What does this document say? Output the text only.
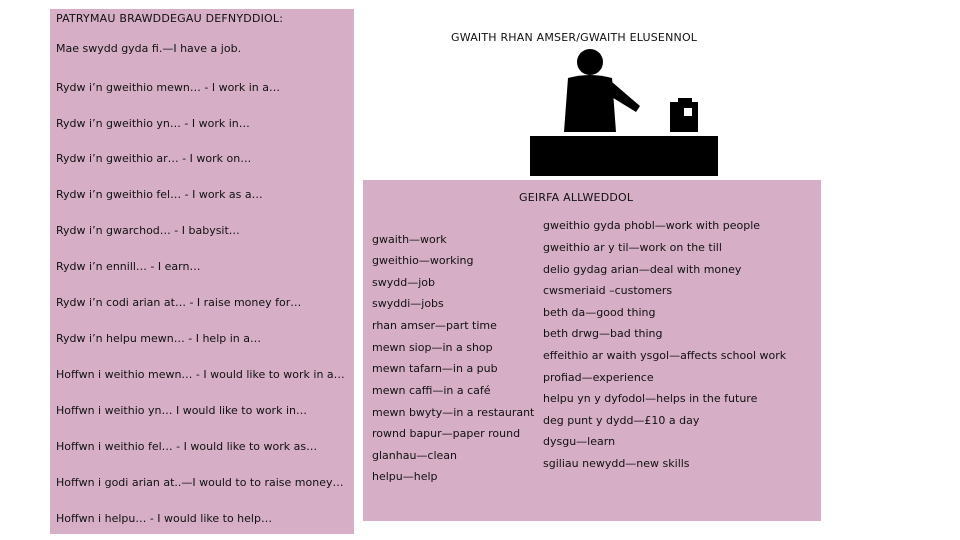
PATRYMAU BRAWDDEGAU DEFNYDDIOL:
Mae swydd gyda fi.—I have a job.
Rydw i’n gweithio mewn… - I work in a…
Rydw i’n gweithio yn… - I work in…
Rydw i’n gweithio ar… - I work on…
Rydw i’n gweithio fel… - I work as a…
Rydw i’n gwarchod… - I babysit…
Rydw i’n ennill… - I earn…
Rydw i’n codi arian at… - I raise money for…
Rydw i’n helpu mewn… - I help in a…
Hoffwn i weithio mewn… - I would like to work in a…
Hoffwn i weithio yn… I would like to work in…
Hoffwn i weithio fel… - I would like to work as…
Hoffwn i godi arian at..—I would to to raise money…
Hoffwn i helpu… - I would like to help…
GWAITH RHAN AMSER/GWAITH ELUSENNOL
GEIRFA ALLWEDDOL
gwaith—work
gweithio—working
swydd—job
swyddi—jobs
rhan amser—part time
mewn siop—in a shop
mewn tafarn—in a pub
mewn caffi—in a café
mewn bwyty—in a restaurant
rownd bapur—paper round
glanhau—clean
helpu—help
gweithio gyda phobl—work with people
gweithio ar y til—work on the till
delio gydag arian—deal with money
cwsmeriaid –customers
beth da—good thing
beth drwg—bad thing
effeithio ar waith ysgol—affects school work
profiad—experience
helpu yn y dyfodol—helps in the future
deg punt y dydd—£10 a day
dysgu—learn
sgiliau newydd—new skills
